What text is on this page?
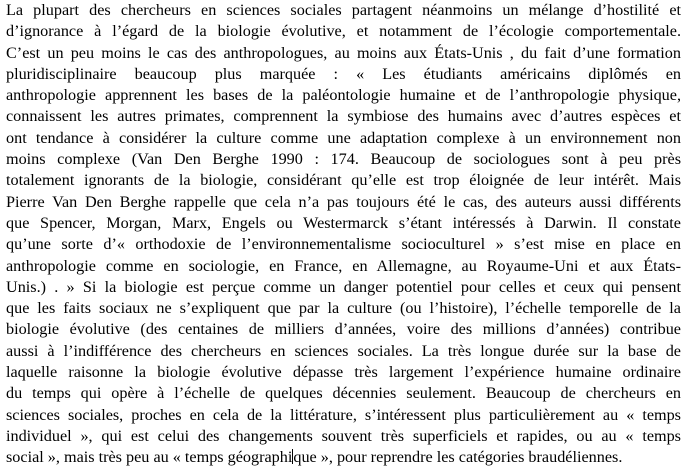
La plupart des chercheurs en sciences sociales partagent néanmoins un mélange d’hostilité et
d’ignorance à l’égard de la biologie évolutive, et notamment de l’écologie comportementale.
C’est un peu moins le cas des anthropologues, au moins aux États-Unis , du fait d’une formation
pluridisciplinaire beaucoup plus marquée : « Les étudiants américains diplômés en
anthropologie apprennent les bases de la paléontologie humaine et de l’anthropologie physique,
connaissent les autres primates, comprennent la symbiose des humains avec d’autres espèces et
ont tendance à considérer la culture comme une adaptation complexe à un environnement non
moins complexe (Van Den Berghe 1990 : 174. Beaucoup de sociologues sont à peu près
totalement ignorants de la biologie, considérant qu’elle est trop éloignée de leur intérêt. Mais
Pierre Van Den Berghe rappelle que cela n’a pas toujours été le cas, des auteurs aussi différents
que Spencer, Morgan, Marx, Engels ou Westermarck s’étant intéressés à Darwin. Il constate
qu’une sorte d’« orthodoxie de l’environnementalisme socioculturel » s’est mise en place en
anthropologie comme en sociologie, en France, en Allemagne, au Royaume-Uni et aux États-
Unis.) . » Si la biologie est perçue comme un danger potentiel pour celles et ceux qui pensent
que les faits sociaux ne s’expliquent que par la culture (ou l’histoire), l’échelle temporelle de la
biologie évolutive (des centaines de milliers d’années, voire des millions d’années) contribue
aussi à l’indifférence des chercheurs en sciences sociales. La très longue durée sur la base de
laquelle raisonne la biologie évolutive dépasse très largement l’expérience humaine ordinaire
du temps qui opère à l’échelle de quelques décennies seulement. Beaucoup de chercheurs en
sciences sociales, proches en cela de la littérature, s’intéressent plus particulièrement au « temps
individuel », qui est celui des changements souvent très superficiels et rapides, ou au « temps
social », mais très peu au « temps géographique », pour reprendre les catégories braudéliennes.
